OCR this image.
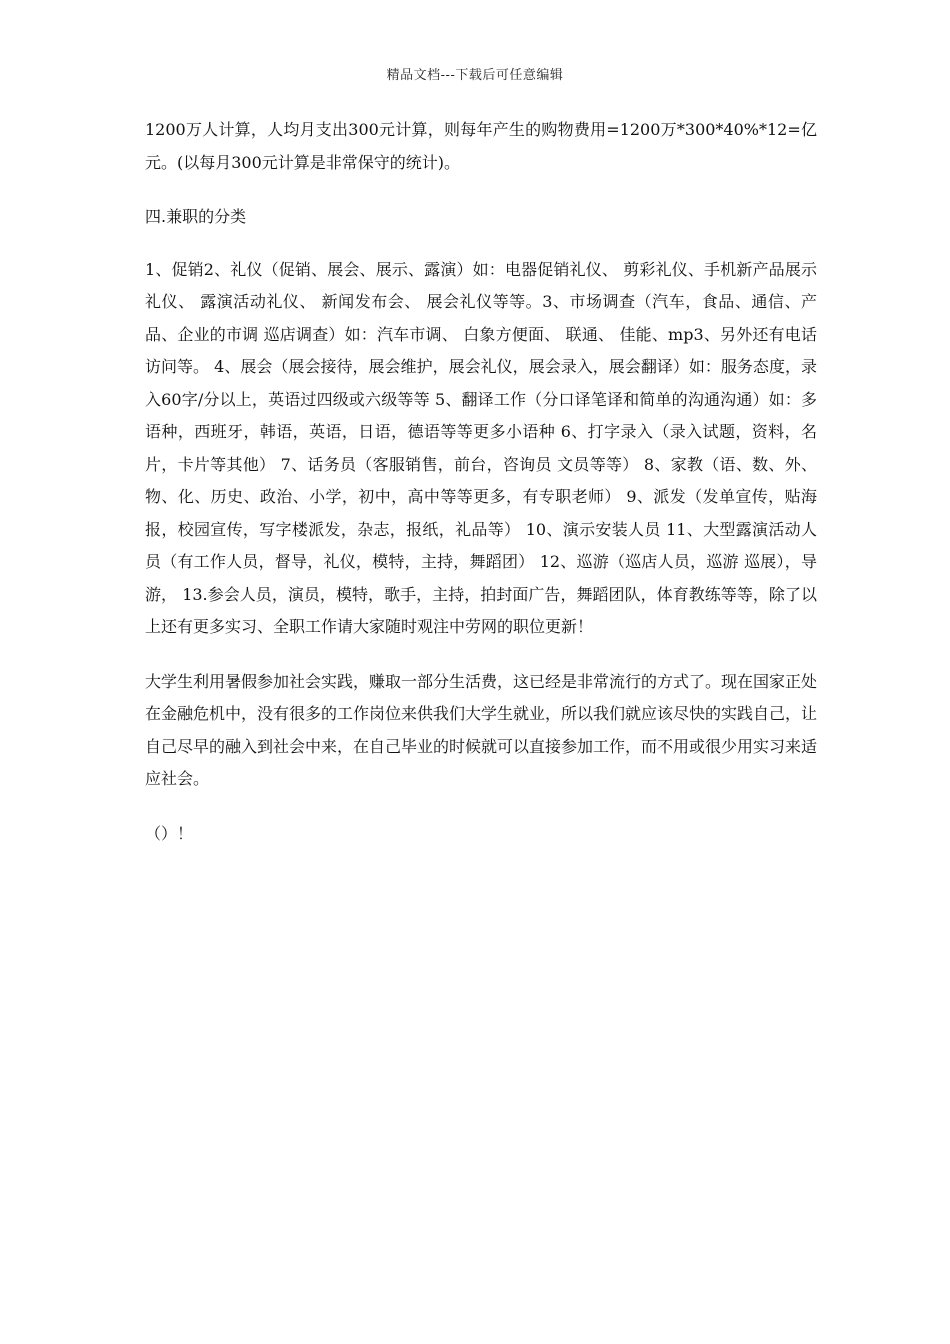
精品文档---下载后可任意编辑

1200万人计算，人均月支出300元计算，则每年产生的购物费用=1200万*300*40%*12=亿元。(以每月300元计算是非常保守的统计)。

四.兼职的分类

1、促销2、礼仪（促销、展会、展示、露演）如：电器促销礼仪、 剪彩礼仪、手机新产品展示礼仪、 露演活动礼仪、 新闻发布会、 展会礼仪等等。3、市场调查（汽车，食品、通信、产品、企业的市调 巡店调查）如：汽车市调、 白象方便面、 联通、 佳能、mp3、另外还有电话访问等。 4、展会（展会接待，展会维护，展会礼仪，展会录入，展会翻译）如：服务态度，录入60字/分以上，英语过四级或六级等等 5、翻译工作（分口译笔译和简单的沟通沟通）如：多语种，西班牙，韩语，英语，日语，德语等等更多小语种 6、打字录入（录入试题，资料，名片，卡片等其他） 7、话务员（客服销售，前台，咨询员 文员等等） 8、家教（语、数、外、物、化、历史、政治、小学，初中，高中等等更多，有专职老师） 9、派发（发单宣传，贴海报，校园宣传，写字楼派发，杂志，报纸，礼品等） 10、演示安装人员 11、大型露演活动人员（有工作人员，督导，礼仪，模特，主持，舞蹈团） 12、巡游（巡店人员，巡游 巡展），导游， 13.参会人员，演员，模特，歌手，主持，拍封面广告，舞蹈团队，体育教练等等，除了以上还有更多实习、全职工作请大家随时观注中劳网的职位更新！

大学生利用暑假参加社会实践，赚取一部分生活费，这已经是非常流行的方式了。现在国家正处在金融危机中，没有很多的工作岗位来供我们大学生就业，所以我们就应该尽快的实践自己，让自己尽早的融入到社会中来，在自己毕业的时候就可以直接参加工作，而不用或很少用实习来适应社会。

（）！
